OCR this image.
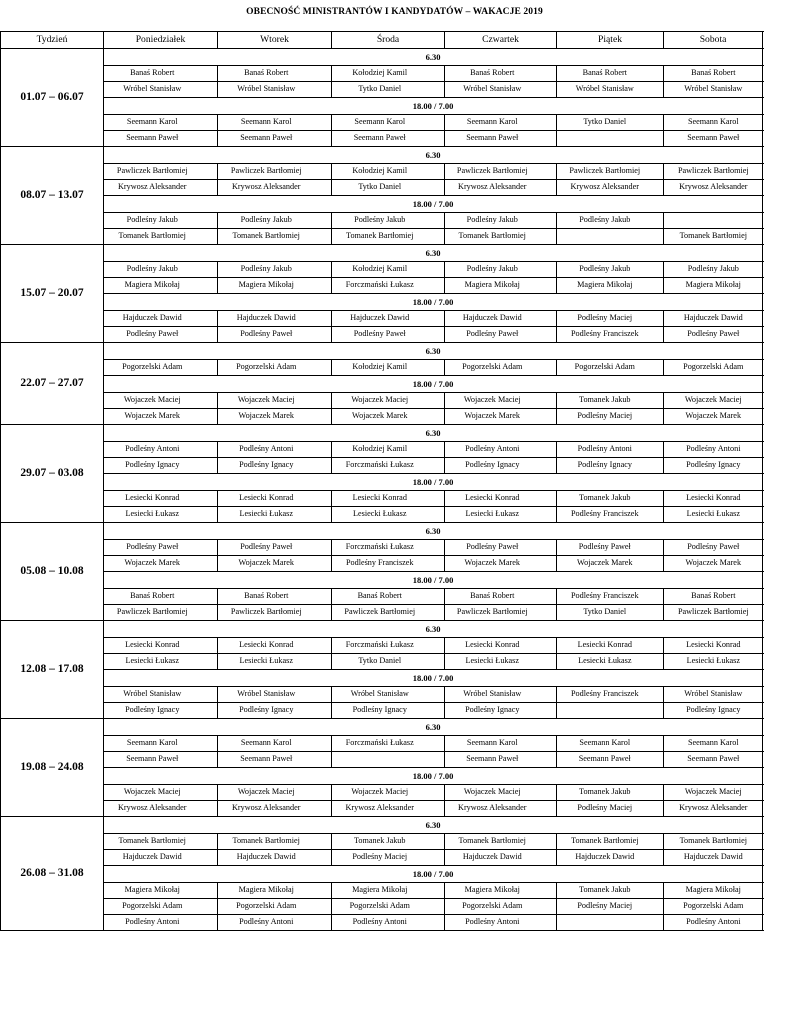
OBECNOŚĆ MINISTRANTÓW I KANDYDATÓW – WAKACJE 2019
Tydzień	Poniedziałek		Wtorek		Środa		Czwartek		Piątek		Sobota	
01.07 – 06.07	6.30											
	Banaś Robert		Banaś Robert		Kołodziej Kamil		Banaś Robert		Banaś Robert		Banaś Robert	
	Wróbel Stanisław		Wróbel Stanisław		Tytko Daniel		Wróbel Stanisław		Wróbel Stanisław		Wróbel Stanisław	
	18.00 / 7.00											
	Seemann Karol		Seemann Karol		Seemann Karol		Seemann Karol		Tytko Daniel		Seemann Karol	
	Seemann Paweł		Seemann Paweł		Seemann Paweł		Seemann Paweł				Seemann Paweł	
08.07 – 13.07	6.30											
	Pawliczek Bartłomiej		Pawliczek Bartłomiej		Kołodziej Kamil		Pawliczek Bartłomiej		Pawliczek Bartłomiej		Pawliczek Bartłomiej	
	Krywosz Aleksander		Krywosz Aleksander		Tytko Daniel		Krywosz Aleksander		Krywosz Aleksander		Krywosz Aleksander	
	18.00 / 7.00											
	Podleśny Jakub		Podleśny Jakub		Podleśny Jakub		Podleśny Jakub		Podleśny Jakub			
	Tomanek Bartłomiej		Tomanek Bartłomiej		Tomanek Bartłomiej		Tomanek Bartłomiej				Tomanek Bartłomiej	
15.07 – 20.07	6.30											
	Podleśny Jakub		Podleśny Jakub		Kołodziej Kamil		Podleśny Jakub		Podleśny Jakub		Podleśny Jakub	
	Magiera Mikołaj		Magiera Mikołaj		Forczmański Łukasz		Magiera Mikołaj		Magiera Mikołaj		Magiera Mikołaj	
	18.00 / 7.00											
	Hajduczek Dawid		Hajduczek Dawid		Hajduczek Dawid		Hajduczek Dawid		Podleśny Maciej		Hajduczek Dawid	
	Podleśny Paweł		Podleśny Paweł		Podleśny Paweł		Podleśny Paweł		Podleśny Franciszek		Podleśny Paweł	
22.07 – 27.07	6.30											
	Pogorzelski Adam		Pogorzelski Adam		Kołodziej Kamil		Pogorzelski Adam		Pogorzelski Adam		Pogorzelski Adam	
	18.00 / 7.00											
	Wojaczek Maciej		Wojaczek Maciej		Wojaczek Maciej		Wojaczek Maciej		Tomanek Jakub		Wojaczek Maciej	
	Wojaczek Marek		Wojaczek Marek		Wojaczek Marek		Wojaczek Marek		Podleśny Maciej		Wojaczek Marek	
29.07 – 03.08	6.30											
	Podleśny Antoni		Podleśny Antoni		Kołodziej Kamil		Podleśny Antoni		Podleśny Antoni		Podleśny Antoni	
	Podleśny Ignacy		Podleśny Ignacy		Forczmański Łukasz		Podleśny Ignacy		Podleśny Ignacy		Podleśny Ignacy	
	18.00 / 7.00											
	Lesiecki Konrad		Lesiecki Konrad		Lesiecki Konrad		Lesiecki Konrad		Tomanek Jakub		Lesiecki Konrad	
	Lesiecki Łukasz		Lesiecki Łukasz		Lesiecki Łukasz		Lesiecki Łukasz		Podleśny Franciszek		Lesiecki Łukasz	
05.08 – 10.08	6.30											
	Podleśny Paweł		Podleśny Paweł		Forczmański Łukasz		Podleśny Paweł		Podleśny Paweł		Podleśny Paweł	
	Wojaczek Marek		Wojaczek Marek		Podleśny Franciszek		Wojaczek Marek		Wojaczek Marek		Wojaczek Marek	
	18.00 / 7.00											
	Banaś Robert		Banaś Robert		Banaś Robert		Banaś Robert		Podleśny Franciszek		Banaś Robert	
	Pawliczek Bartłomiej		Pawliczek Bartłomiej		Pawliczek Bartłomiej		Pawliczek Bartłomiej		Tytko Daniel		Pawliczek Bartłomiej	
12.08 – 17.08	6.30											
	Lesiecki Konrad		Lesiecki Konrad		Forczmański Łukasz		Lesiecki Konrad		Lesiecki Konrad		Lesiecki Konrad	
	Lesiecki Łukasz		Lesiecki Łukasz		Tytko Daniel		Lesiecki Łukasz		Lesiecki Łukasz		Lesiecki Łukasz	
	18.00 / 7.00											
	Wróbel Stanisław		Wróbel Stanisław		Wróbel Stanisław		Wróbel Stanisław		Podleśny Franciszek		Wróbel Stanisław	
	Podleśny Ignacy		Podleśny Ignacy		Podleśny Ignacy		Podleśny Ignacy				Podleśny Ignacy	
19.08 – 24.08	6.30											
	Seemann Karol		Seemann Karol		Forczmański Łukasz		Seemann Karol		Seemann Karol		Seemann Karol	
	Seemann Paweł		Seemann Paweł				Seemann Paweł		Seemann Paweł		Seemann Paweł	
	18.00 / 7.00											
	Wojaczek Maciej		Wojaczek Maciej		Wojaczek Maciej		Wojaczek Maciej		Tomanek Jakub		Wojaczek Maciej	
	Krywosz Aleksander		Krywosz Aleksander		Krywosz Aleksander		Krywosz Aleksander		Podleśny Maciej		Krywosz Aleksander	
26.08 – 31.08	6.30											
	Tomanek Bartłomiej		Tomanek Bartłomiej		Tomanek Jakub		Tomanek Bartłomiej		Tomanek Bartłomiej		Tomanek Bartłomiej	
	Hajduczek Dawid		Hajduczek Dawid		Podleśny Maciej		Hajduczek Dawid		Hajduczek Dawid		Hajduczek Dawid	
	18.00 / 7.00											
	Magiera Mikołaj		Magiera Mikołaj		Magiera Mikołaj		Magiera Mikołaj		Tomanek Jakub		Magiera Mikołaj	
	Pogorzelski Adam		Pogorzelski Adam		Pogorzelski Adam		Pogorzelski Adam		Podleśny Maciej		Pogorzelski Adam	
	Podleśny Antoni		Podleśny Antoni		Podleśny Antoni		Podleśny Antoni				Podleśny Antoni	
